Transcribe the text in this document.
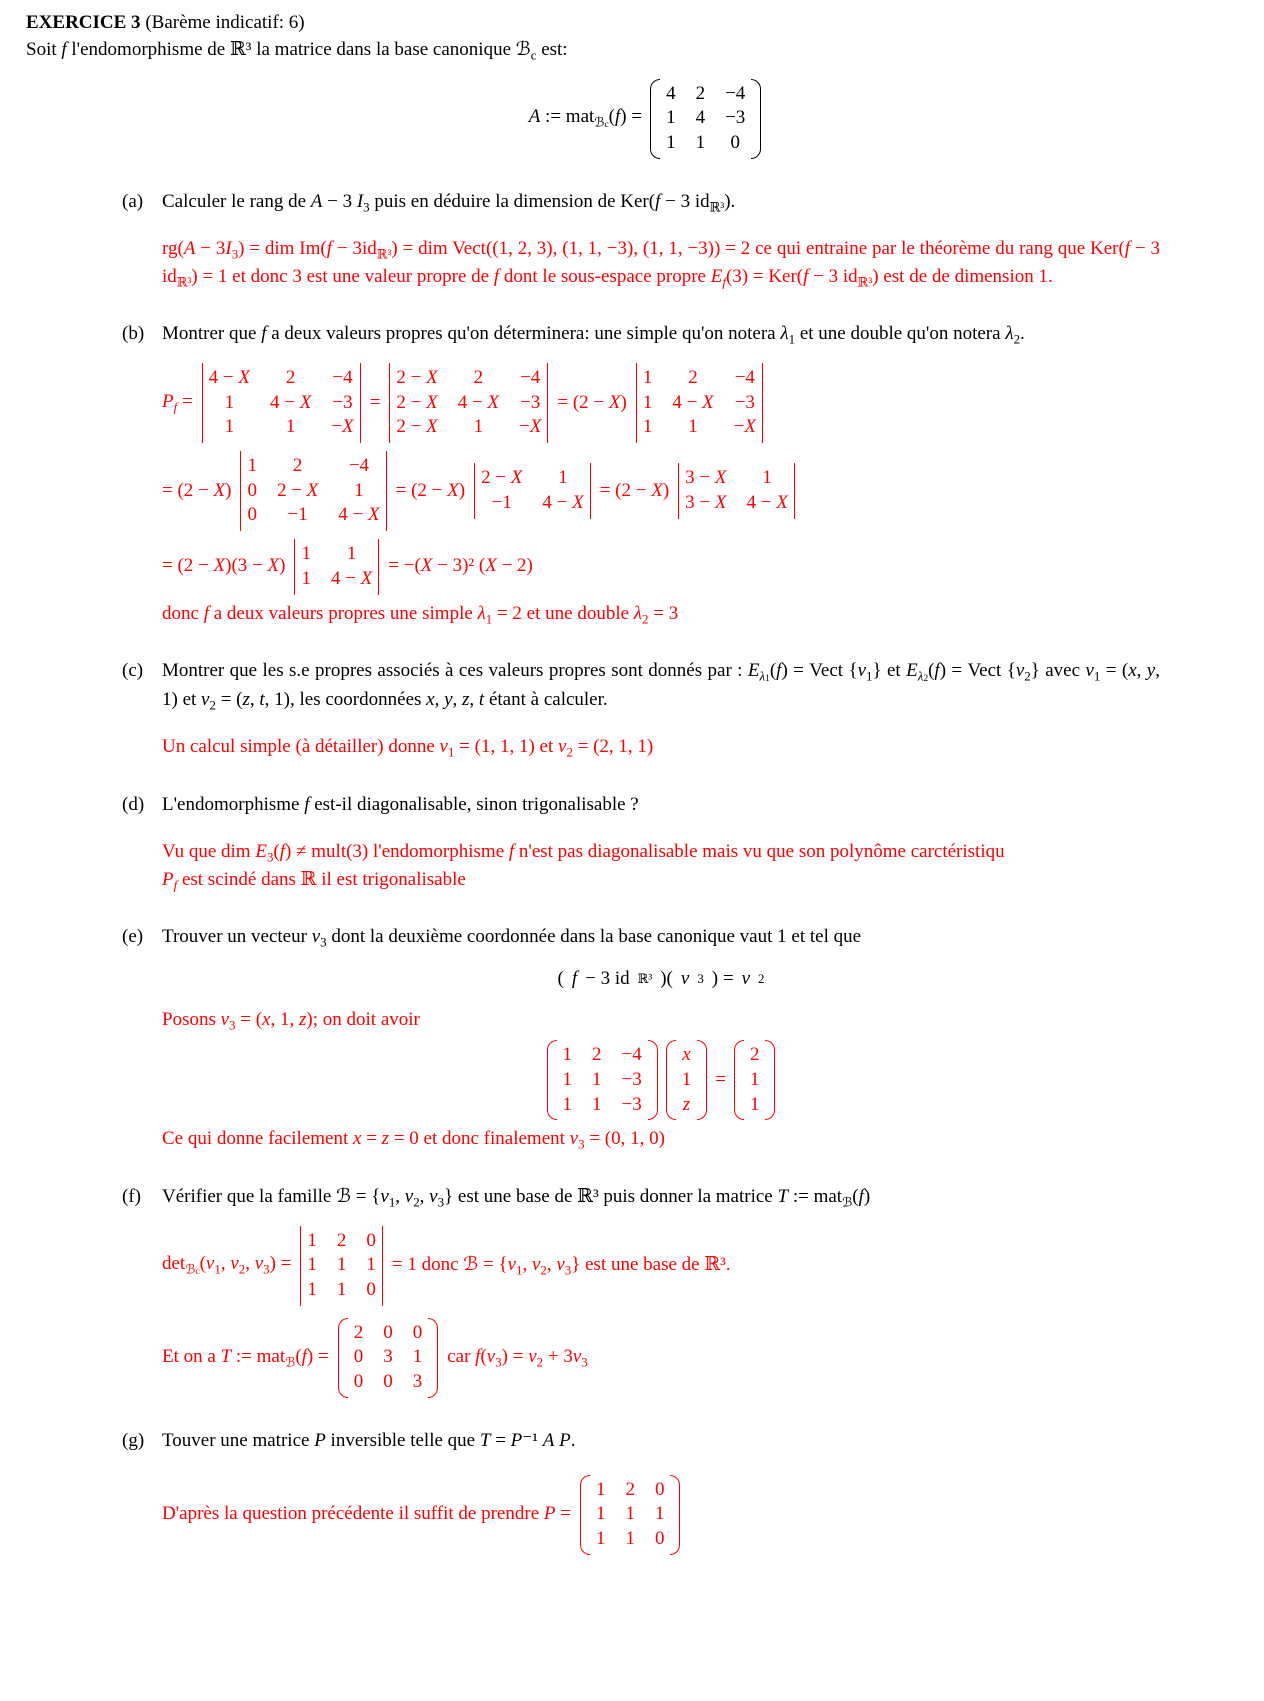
EXERCICE 3 (Barème indicatif: 6)
Soit f l'endomorphisme de ℝ³ la matrice dans la base canonique ℬ$_c$ est:
A := mat$_{ℬc}$(f) =
4 2 −4
1 4 −3
1 1 0
(a) Calculer le rang de A − 3 $I_3$ puis en déduire la dimension de Ker(f − 3 $id_{ℝ^3}$).
$rg(A - 3I_3)$ = dim $Im(f - 3id_{ℝ^3})$ = dim Vect((1, 2, 3), (1, 1, −3), (1, 1, −3)) = 2 ce qui entraine par le théorème du rang que Ker(f − 3 $id_{ℝ^3}) = 1$ et donc 3 est une valeur propre de f dont le sous-espace propre $E_f(3) = Ker(f - 3$ $id_{ℝ^3}$) est de de dimension 1.
(b) Montrer que f a deux valeurs propres qu'on déterminera: une simple qu'on notera $\lambda_1$ et une double qu'on notera $\lambda_2$.
$P_f$ =
4 − X 2 −4
1 4 − X −3
1	1 −X
=
2 − X 2 −4
2 − X 4 − X −3
2 − X 1 −X
= (2 − X)
1 2 −4
1 4 − X −3
1 1 −X
= (2 − X)
1 2 −4
0 2 − X 1
0 −1 4 − X
= (2 − X)
2 − X 1
−1 4 − X
= (2 − X)
3 − X 1
3 − X 4 − X
= (2 − X)(3 − X)
1 1
1 4 − X
= −(X − 3)² (X − 2)
donc f a deux valeurs propres une simple $\lambda_1 = 2$ et une double $\lambda_2 = 3$
(c) Montrer que les s.e propres associés à ces valeurs propres sont donnés par : $E_{\lambda 1}(f)$ = Vect $\{v_1\}$ et $E_{\lambda 2}(f)$ = Vect $\{v_2\}$ avec $v_1 = (x$, y, 1) et $v_2 = (z$, t, 1), les coordonnées x, y, z, t étant à calculer.
Un calcul simple (à détailler) donne $v_1 = (1$, 1, 1) et $v_2 = (2$, 1, 1)
(d) L'endomorphisme f est-il diagonalisable, sinon trigonalisable ?
Vu que dim $E_3(f)$ ≠ mult(3) l'endomorphisme f n'est pas diagonalisable mais vu que son polynôme carctéristiqu
$P_f$ est scindé dans ℝ il est trigonalisable
(e) Trouver un vecteur $v_3$ dont la deuxième coordonnée dans la base canonique vaut 1 et tel que
( f − 3 id ℝ³ )( v 3 ) = v 2
Posons $v_3 = (x$, 1, z); on doit avoir
1 2 −4
1 1 −3
1 1 −3
x
1
z
=
2
1
1
Ce qui donne facilement x = z = 0 et donc finalement $v_3 = (0$, 1, 0)
(f)	Vérifier que la famille ℬ = {$v_1$, $v_2$, $v_3$} est une base de ℝ³ puis donner la matrice T := mat$_ℬ$(f)
$\det_{ℬc}(v_1$, $v_2$, $v_3$) =
1 2 0
1 1 1
1 1 0
= 1 donc ℬ = {$v_1$, $v_2$, $v_3$} est une base de ℝ³.
Et on a T := mat$_ℬ$(f) =
2 0 0
0 3 1
0 0 3
car $f(v_3) = v_2 + 3v_3$
(g) Touver une matrice P inversible telle que T = P⁻¹ A P.
D'après la question précédente il suffit de prendre P =
1 2 0
1 1 1
1 1 0
